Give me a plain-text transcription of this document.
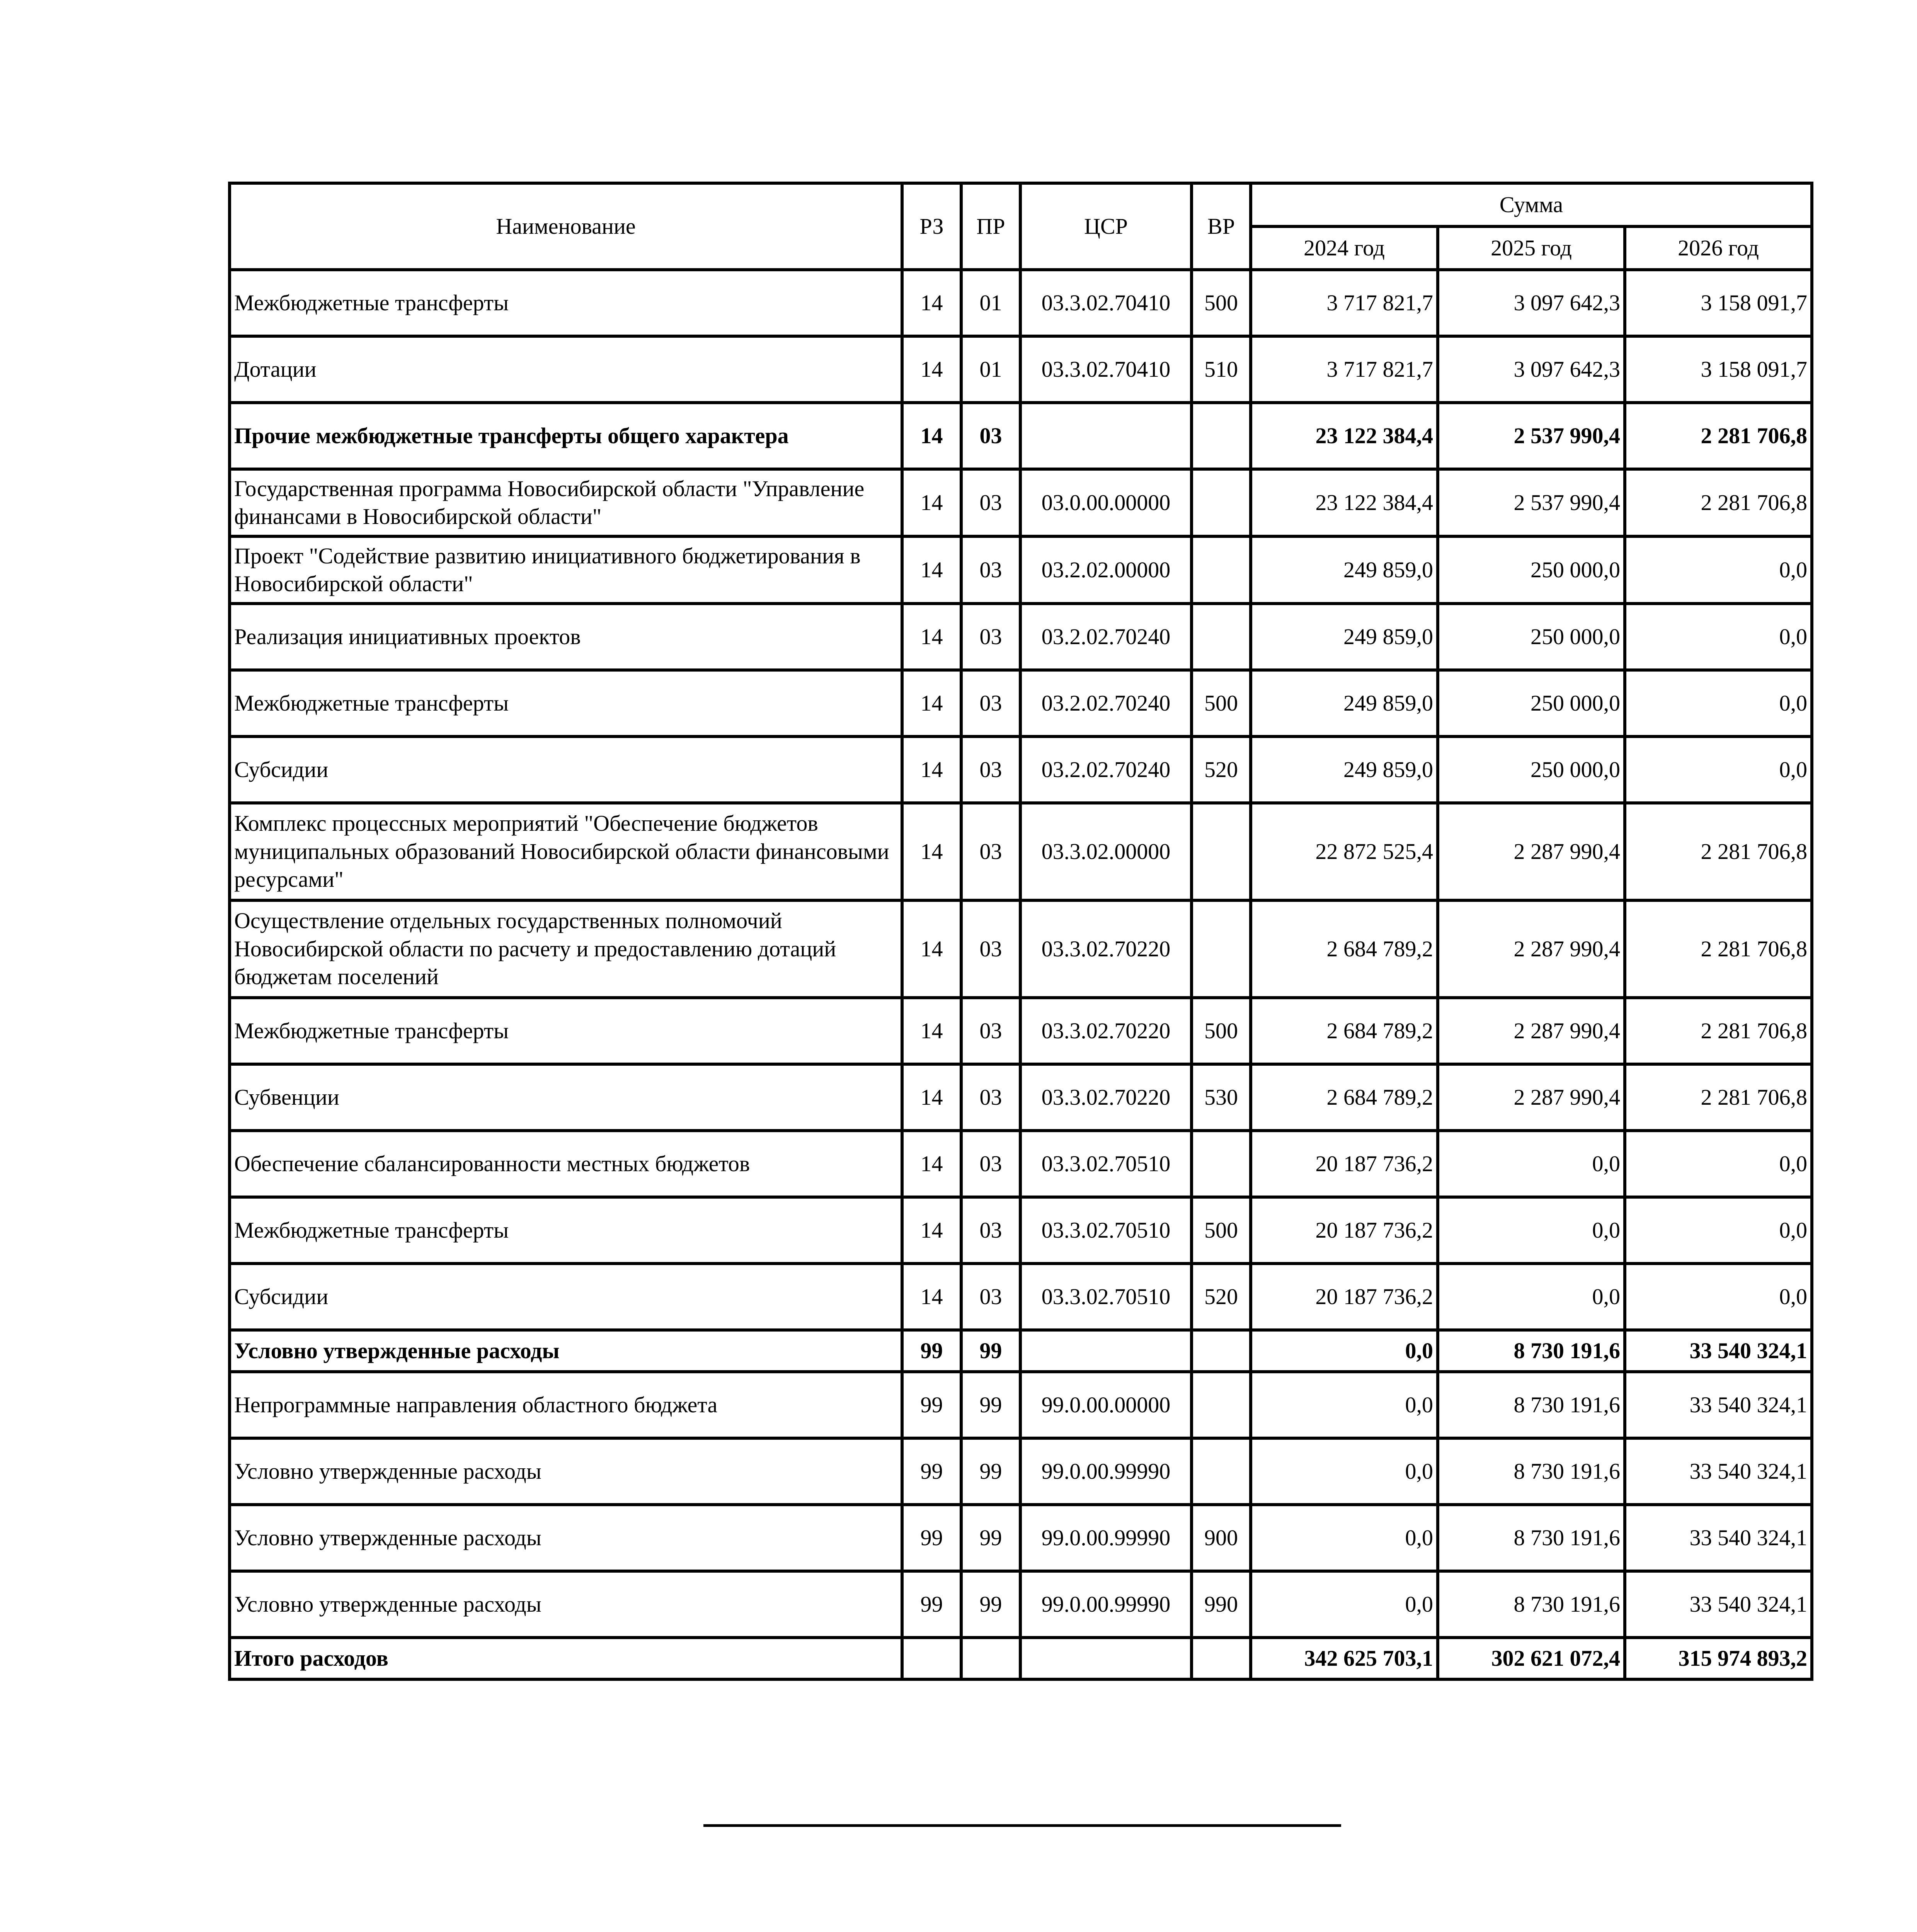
Наименование	РЗ	ПР	ЦСР	ВР	Сумма		
					2024 год	2025 год	2026 год
Межбюджетные трансферты	14	01	03.3.02.70410	500	3 717 821,7	3 097 642,3	3 158 091,7
Дотации	14	01	03.3.02.70410	510	3 717 821,7	3 097 642,3	3 158 091,7
Прочие межбюджетные трансферты общего характера	14	03			23 122 384,4	2 537 990,4	2 281 706,8
Государственная программа Новосибирской области "Управление финансами в Новосибирской области"	14	03	03.0.00.00000		23 122 384,4	2 537 990,4	2 281 706,8
Проект "Содействие развитию инициативного бюджетирования в Новосибирской области"	14	03	03.2.02.00000		249 859,0	250 000,0	0,0
Реализация инициативных проектов	14	03	03.2.02.70240		249 859,0	250 000,0	0,0
Межбюджетные трансферты	14	03	03.2.02.70240	500	249 859,0	250 000,0	0,0
Субсидии	14	03	03.2.02.70240	520	249 859,0	250 000,0	0,0
Комплекс процессных мероприятий "Обеспечение бюджетов муниципальных образований Новосибирской области финансовыми ресурсами"	14	03	03.3.02.00000		22 872 525,4	2 287 990,4	2 281 706,8
Осуществление отдельных государственных полномочий Новосибирской области по расчету и предоставлению дотаций бюджетам поселений	14	03	03.3.02.70220		2 684 789,2	2 287 990,4	2 281 706,8
Межбюджетные трансферты	14	03	03.3.02.70220	500	2 684 789,2	2 287 990,4	2 281 706,8
Субвенции	14	03	03.3.02.70220	530	2 684 789,2	2 287 990,4	2 281 706,8
Обеспечение сбалансированности местных бюджетов	14	03	03.3.02.70510		20 187 736,2	0,0	0,0
Межбюджетные трансферты	14	03	03.3.02.70510	500	20 187 736,2	0,0	0,0
Субсидии	14	03	03.3.02.70510	520	20 187 736,2	0,0	0,0
Условно утвержденные расходы	99	99			0,0	8 730 191,6	33 540 324,1
Непрограммные направления областного бюджета	99	99	99.0.00.00000		0,0	8 730 191,6	33 540 324,1
Условно утвержденные расходы	99	99	99.0.00.99990		0,0	8 730 191,6	33 540 324,1
Условно утвержденные расходы	99	99	99.0.00.99990	900	0,0	8 730 191,6	33 540 324,1
Условно утвержденные расходы	99	99	99.0.00.99990	990	0,0	8 730 191,6	33 540 324,1
Итого расходов					342 625 703,1	302 621 072,4	315 974 893,2
